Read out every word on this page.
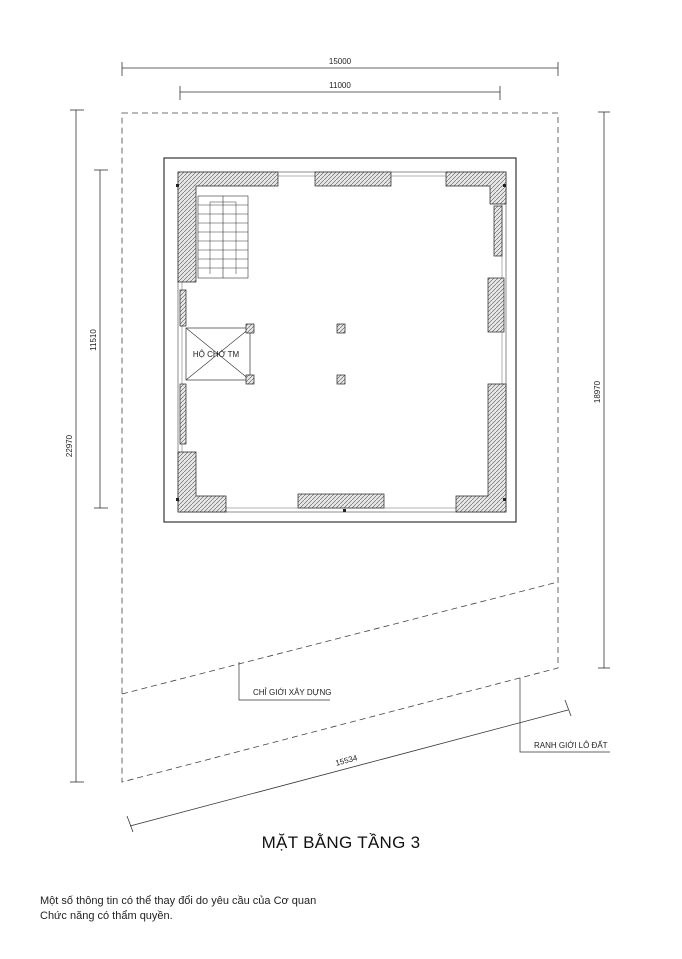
15000
11000
22970
11510
18970
15534
CHỈ GIỚI XÂY DỰNG
RANH GIỚI LÔ ĐẤT
HỘ CHỜ TM
MẶT BẰNG TẦNG 3
Một số thông tin có thể thay đổi do yêu cầu của Cơ quan Chức năng có thẩm quyền.
